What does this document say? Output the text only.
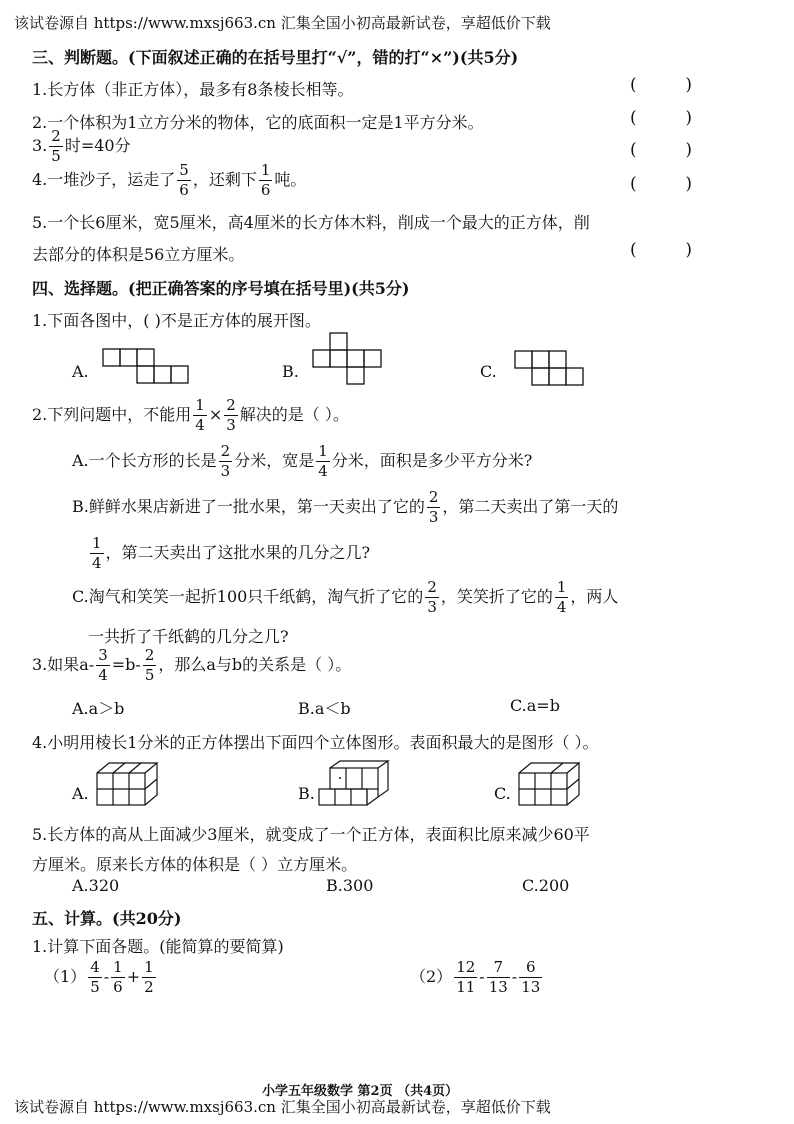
该试卷源自 https://www.mxsj663.cn 汇集全国小初高最新试卷，享超低价下载
三、判断题。(下面叙述正确的在括号里打“√”，错的打“×”)(共5分)
1.长方体（非正方体），最多有8条棱长相等。	(	)
2.一个体积为1立方分米的物体，它的底面积一定是1平方分米。	(	)
3. $\frac{2}{5}$ 时=40分	(	)
4.一堆沙子，运走了 $\frac{5}{6}$ ，还剩下 $\frac{1}{6}$ 吨。	(	)
5.一个长6厘米，宽5厘米，高4厘米的长方体木料，削成一个最大的正方体，削
去部分的体积是56立方厘米。	(	)
四、选择题。(把正确答案的序号填在括号里)(共5分)
1.下面各图中，( )不是正方体的展开图。
A.	B.	C.
2.下列问题中，不能用 $\frac{1}{4} \times \frac{2}{3}$ 解决的是（ ）。
A.一个长方形的长是 $\frac{2}{3}$ 分米，宽是 $\frac{1}{4}$ 分米，面积是多少平方分米?
B.鲜鲜水果店新进了一批水果，第一天卖出了它的 $\frac{2}{3}$ ，第二天卖出了第一天的
$\frac{1}{4}$ ，第二天卖出了这批水果的几分之几?
C.淘气和笑笑一起折100只千纸鹤，淘气折了它的 $\frac{2}{3}$ ，笑笑折了它的 $\frac{1}{4}$ ，两人
一共折了千纸鹤的几分之几?
3.如果$a- \frac{3}{4} =b- \frac{2}{5}$ ，那么a与b的关系是（ ）。
A.a＞b	B.a＜b	C.a=b
4.小明用棱长1分米的正方体摆出下面四个立体图形。表面积最大的是图形（ ）。
A.	B.	C.
5.长方体的高从上面减少3厘米，就变成了一个正方体，表面积比原来减少60平
方厘米。原来长方体的体积是（ ）立方厘米。
A.320	B.300	C.200
五、计算。(共20分)
1.计算下面各题。(能简算的要简算)
$(1) \frac{4}{5} - \frac{1}{6} + \frac{1}{2}$	$(2) \frac{12}{11} - \frac{7}{13} - \frac{6}{13}$
小学五年级数学 第2页 （共4页）
该试卷源自 https://www.mxsj663.cn 汇集全国小初高最新试卷，享超低价下载
